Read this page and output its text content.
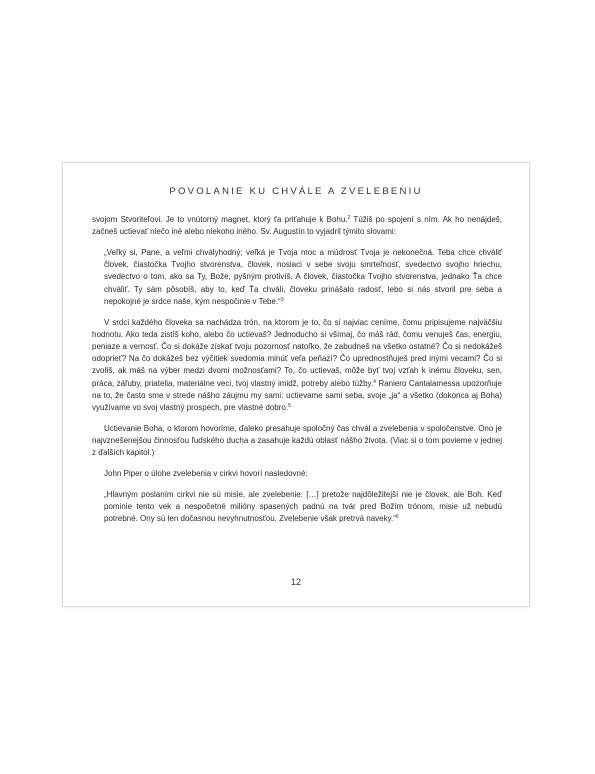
POVOLANIE KU CHVÁLE A ZVELEBENIU

svojom Stvoriteľovi. Je to vnútorný magnet, ktorý ťa priťahuje k Bohu.$^2$ Túžiš po spojení s ním. Ak ho nenájdeš, začneš uctievať niečo iné alebo niekoho iného. Sv. Augustín to vyjadril týmito slovami:

„Veľký si, Pane, a veľmi chvályhodný; veľká je Tvoja moc a múdrosť Tvoja je nekonečná. Teba chce chváliť človek, čiastočka Tvojho stvorenstva, človek, nosiaci v sebe svoju smrteľnosť, svedectvo svojho hriechu, svedectvo o tom, ako sa Ty, Bože, pyšným protivíš. A človek, čiastočka Tvojho stvorenstva, jednako Ťa chce chváliť. Ty sám pôsobíš, aby to, keď Ťa chváli, človeku prinášalo radosť, lebo si nás stvoril pre seba a nepokojné je srdce naše, kým nespočinie v Tebe.“$^3$

V srdci každého človeka sa nachádza trón, na ktorom je to, čo si najviac ceníme, čomu pripisujeme najväčšiu hodnotu. Ako teda zistíš koho, alebo čo uctievaš? Jednoducho si všímaj, čo máš rád, čomu venuješ čas, energiu, peniaze a vernosť. Čo si dokáže získať tvoju pozornosť natoľko, že zabudneš na všetko ostatné? Čo si nedokážeš odoprieť? Na čo dokážeš bez výčitiek svedomia minúť veľa peňazí? Čo uprednostňuješ pred inými vecami? Čo si zvolíš, ak máš na výber medzi dvomi možnosťami? To, čo uctievaš, môže byť tvoj vzťah k inému človeku, sen, práca, záľuby, priatelia, materiálne veci, tvoj vlastný imidž, potreby alebo túžby.$^4$ Raniero Cantalamessa upozorňuje na to, že často sme v strede nášho záujmu my sami: uctievame sami seba, svoje „ja“ a všetko (dokonca aj Boha) využívame vo svoj vlastný prospech, pre vlastné dobro.$^5$

Uctievanie Boha, o ktorom hovoríme, ďaleko presahuje spoločný čas chvál a zvelebenia v spoločenstve. Ono je najvznešenejšou činnosťou ľudského ducha a zasahuje každú oblasť nášho života. (Viac si o tom povieme v jednej z ďalších kapitol.)

John Piper o úlohe zvelebenia v cirkvi hovorí nasledovné:

„Hlavným poslaním cirkvi nie sú misie, ale zvelebenie. […] pretože najdôležitejší nie je človek, ale Boh. Keď pominie tento vek a nespočetné milióny spasených padnú na tvár pred Božím trónom, misie už nebudú potrebné. Ony sú len dočasnou nevyhnutnosťou. Zvelebenie však pretrvá naveky.“$^6$

12
